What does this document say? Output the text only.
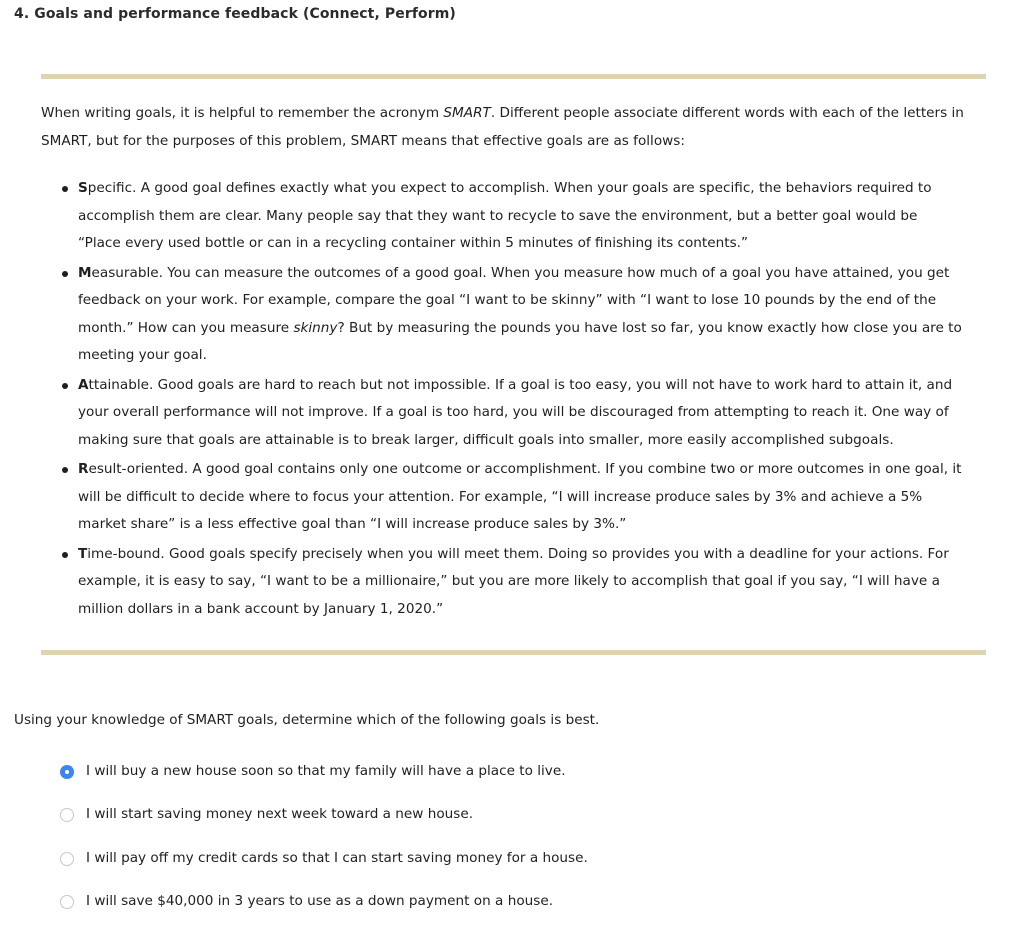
4. Goals and performance feedback (Connect, Perform)

When writing goals, it is helpful to remember the acronym SMART. Different people associate different words with each of the letters in SMART, but for the purposes of this problem, SMART means that effective goals are as follows:

Specific. A good goal defines exactly what you expect to accomplish. When your goals are specific, the behaviors required to accomplish them are clear. Many people say that they want to recycle to save the environment, but a better goal would be “Place every used bottle or can in a recycling container within 5 minutes of finishing its contents.”
Measurable. You can measure the outcomes of a good goal. When you measure how much of a goal you have attained, you get feedback on your work. For example, compare the goal “I want to be skinny” with “I want to lose 10 pounds by the end of the month.” How can you measure skinny? But by measuring the pounds you have lost so far, you know exactly how close you are to meeting your goal.
Attainable. Good goals are hard to reach but not impossible. If a goal is too easy, you will not have to work hard to attain it, and your overall performance will not improve. If a goal is too hard, you will be discouraged from attempting to reach it. One way of making sure that goals are attainable is to break larger, difficult goals into smaller, more easily accomplished subgoals.
Result-oriented. A good goal contains only one outcome or accomplishment. If you combine two or more outcomes in one goal, it will be difficult to decide where to focus your attention. For example, “I will increase produce sales by 3% and achieve a 5% market share” is a less effective goal than “I will increase produce sales by 3%.”
Time-bound. Good goals specify precisely when you will meet them. Doing so provides you with a deadline for your actions. For example, it is easy to say, “I want to be a millionaire,” but you are more likely to accomplish that goal if you say, “I will have a million dollars in a bank account by January 1, 2020.”
Using your knowledge of SMART goals, determine which of the following goals is best.
I will buy a new house soon so that my family will have a place to live.
I will start saving money next week toward a new house.
I will pay off my credit cards so that I can start saving money for a house.
I will save $40,000 in 3 years to use as a down payment on a house.
